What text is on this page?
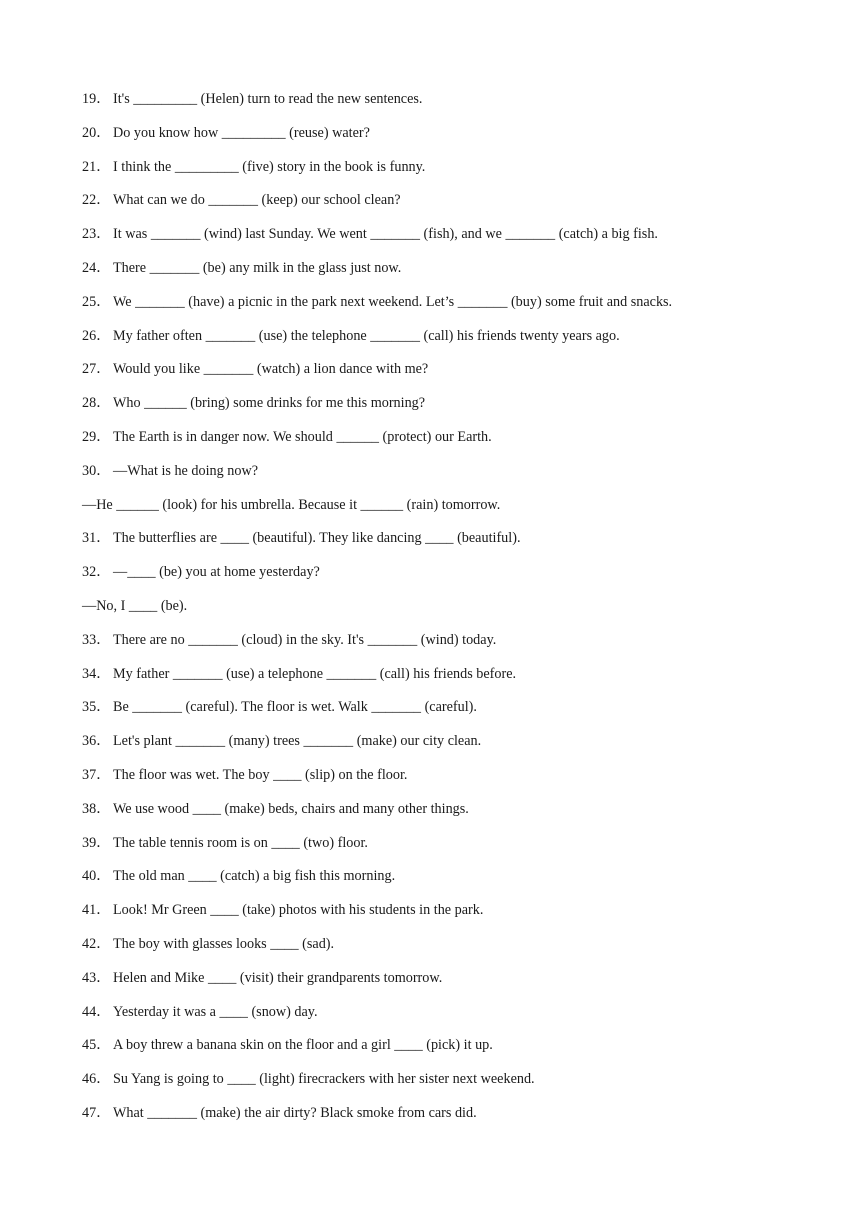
19． It's _________ (Helen) turn to read the new sentences.
20． Do you know how _________ (reuse) water?
21． I think the _________ (five) story in the book is funny.
22． What can we do _______ (keep) our school clean?
23． It was _______ (wind) last Sunday. We went _______ (fish), and we _______ (catch) a big fish.
24． There _______ (be) any milk in the glass just now.
25． We _______ (have) a picnic in the park next weekend. Let’s _______ (buy) some fruit and snacks.
26． My father often _______ (use) the telephone _______ (call) his friends twenty years ago.
27． Would you like _______ (watch) a lion dance with me?
28． Who ______ (bring) some drinks for me this morning?
29． The Earth is in danger now. We should ______ (protect) our Earth.
30． —What is he doing now?
—He ______ (look) for his umbrella. Because it ______ (rain) tomorrow.
31． The butterflies are ____ (beautiful). They like dancing ____ (beautiful).
32． —____ (be) you at home yesterday?
—No, I ____ (be).
33． There are no _______ (cloud) in the sky. It's _______ (wind) today.
34． My father _______ (use) a telephone _______ (call) his friends before.
35． Be _______ (careful). The floor is wet. Walk _______ (careful).
36． Let's plant _______ (many) trees _______ (make) our city clean.
37． The floor was wet. The boy ____ (slip) on the floor.
38． We use wood ____ (make) beds, chairs and many other things.
39． The table tennis room is on ____ (two) floor.
40． The old man ____ (catch) a big fish this morning.
41． Look! Mr Green ____ (take) photos with his students in the park.
42． The boy with glasses looks ____ (sad).
43． Helen and Mike ____ (visit) their grandparents tomorrow.
44． Yesterday it was a ____ (snow) day.
45． A boy threw a banana skin on the floor and a girl ____ (pick) it up.
46． Su Yang is going to ____ (light) firecrackers with her sister next weekend.
47． What _______ (make) the air dirty? Black smoke from cars did.
